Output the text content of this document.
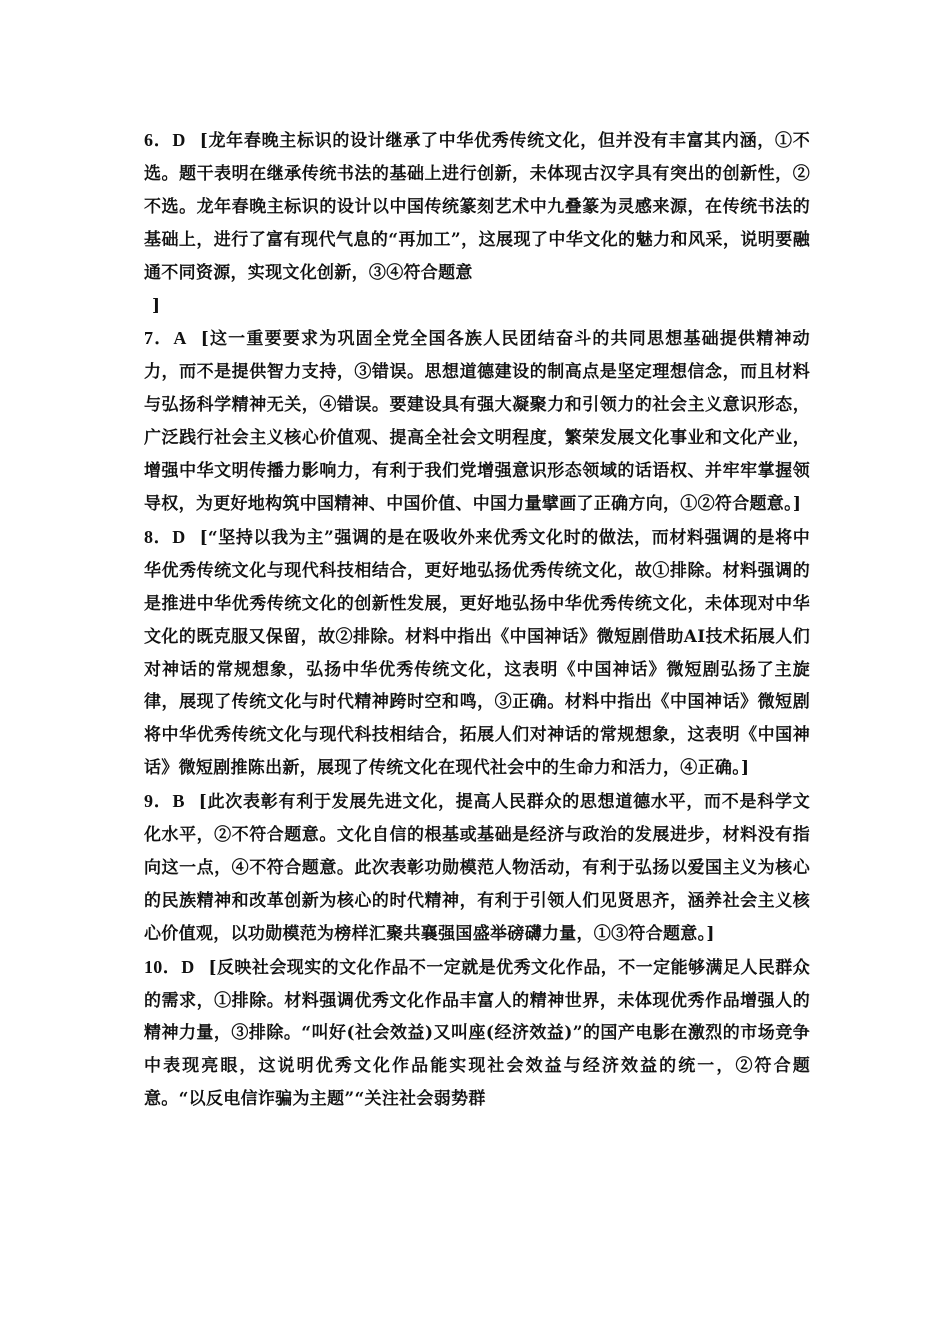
6．D [龙年春晚主标识的设计继承了中华优秀传统文化，但并没有丰富其内涵，①不选。题干表明在继承传统书法的基础上进行创新，未体现古汉字具有突出的创新性，②不选。龙年春晚主标识的设计以中国传统篆刻艺术中九叠篆为灵感来源，在传统书法的基础上，进行了富有现代气息的“再加工”，这展现了中华文化的魅力和风采，说明要融通不同资源，实现文化创新，③④符合题意
]

7．A [这一重要要求为巩固全党全国各族人民团结奋斗的共同思想基础提供精神动力，而不是提供智力支持，③错误。思想道德建设的制高点是坚定理想信念，而且材料与弘扬科学精神无关，④错误。要建设具有强大凝聚力和引领力的社会主义意识形态，广泛践行社会主义核心价值观、提高全社会文明程度，繁荣发展文化事业和文化产业，增强中华文明传播力影响力，有利于我们党增强意识形态领域的话语权、并牢牢掌握领导权，为更好地构筑中国精神、中国价值、中国力量擘画了正确方向，①②符合题意。]

8．D [“坚持以我为主”强调的是在吸收外来优秀文化时的做法，而材料强调的是将中华优秀传统文化与现代科技相结合，更好地弘扬优秀传统文化，故①排除。材料强调的是推进中华优秀传统文化的创新性发展，更好地弘扬中华优秀传统文化，未体现对中华文化的既克服又保留，故②排除。材料中指出《中国神话》微短剧借助AI技术拓展人们对神话的常规想象，弘扬中华优秀传统文化，这表明《中国神话》微短剧弘扬了主旋律，展现了传统文化与时代精神跨时空和鸣，③正确。材料中指出《中国神话》微短剧将中华优秀传统文化与现代科技相结合，拓展人们对神话的常规想象，这表明《中国神话》微短剧推陈出新，展现了传统文化在现代社会中的生命力和活力，④正确。]

9．B [此次表彰有利于发展先进文化，提高人民群众的思想道德水平，而不是科学文化水平，②不符合题意。文化自信的根基或基础是经济与政治的发展进步，材料没有指向这一点，④不符合题意。此次表彰功勋模范人物活动，有利于弘扬以爱国主义为核心的民族精神和改革创新为核心的时代精神，有利于引领人们见贤思齐，涵养社会主义核心价值观，以功勋模范为榜样汇聚共襄强国盛举磅礴力量，①③符合题意。]

10．D [反映社会现实的文化作品不一定就是优秀文化作品，不一定能够满足人民群众的需求，①排除。材料强调优秀文化作品丰富人的精神世界，未体现优秀作品增强人的精神力量，③排除。“叫好(社会效益)又叫座(经济效益)”的国产电影在激烈的市场竞争中表现亮眼，这说明优秀文化作品能实现社会效益与经济效益的统一，②符合题意。“以反电信诈骗为主题”“关注社会弱势群
